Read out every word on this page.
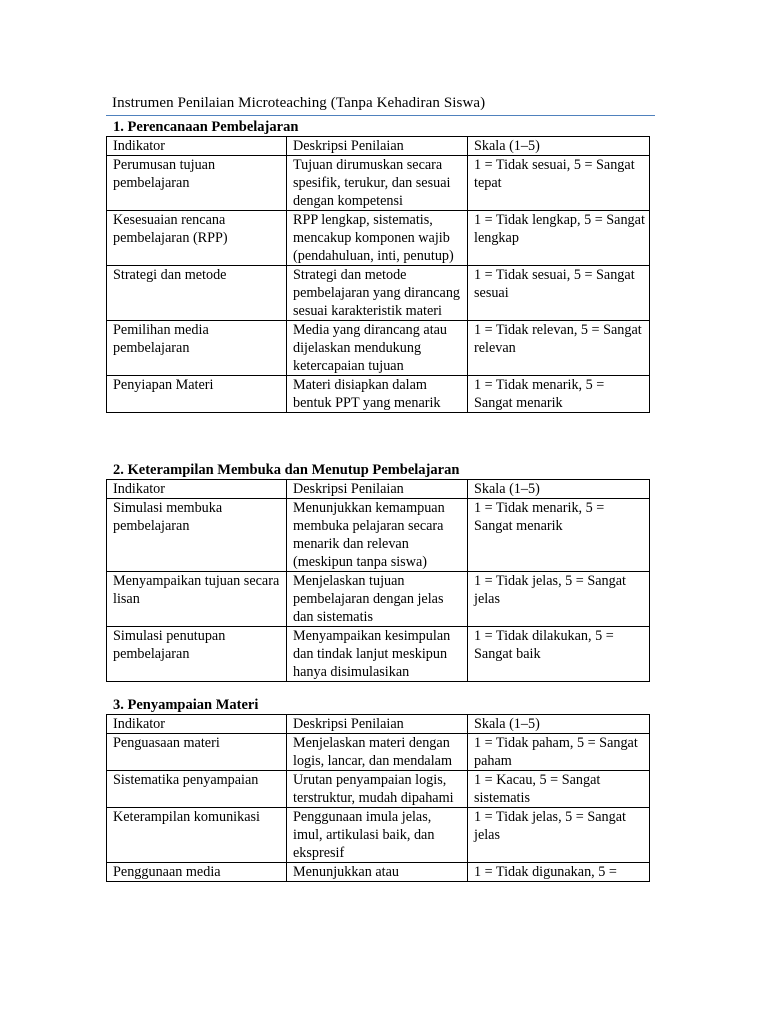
Instrumen Penilaian Microteaching (Tanpa Kehadiran Siswa)

1. Perencanaan Pembelajaran

Indikator	Deskripsi Penilaian	Skala (1–5)
Perumusan tujuan pembelajaran	Tujuan dirumuskan secara spesifik, terukur, dan sesuai dengan kompetensi	1 = Tidak sesuai, 5 = Sangat tepat
Kesesuaian rencana pembelajaran (RPP)	RPP lengkap, sistematis, mencakup komponen wajib (pendahuluan, inti, penutup)	1 = Tidak lengkap, 5 = Sangat lengkap
Strategi dan metode	Strategi dan metode pembelajaran yang dirancang sesuai karakteristik materi	1 = Tidak sesuai, 5 = Sangat sesuai
Pemilihan media pembelajaran	Media yang dirancang atau dijelaskan mendukung ketercapaian tujuan	1 = Tidak relevan, 5 = Sangat relevan
Penyiapan Materi	Materi disiapkan dalam bentuk PPT yang menarik	1 = Tidak menarik, 5 = Sangat menarik

2. Keterampilan Membuka dan Menutup Pembelajaran

Indikator	Deskripsi Penilaian	Skala (1–5)
Simulasi membuka pembelajaran	Menunjukkan kemampuan membuka pelajaran secara menarik dan relevan (meskipun tanpa siswa)	1 = Tidak menarik, 5 = Sangat menarik
Menyampaikan tujuan secara lisan	Menjelaskan tujuan pembelajaran dengan jelas dan sistematis	1 = Tidak jelas, 5 = Sangat jelas
Simulasi penutupan pembelajaran	Menyampaikan kesimpulan dan tindak lanjut meskipun hanya disimulasikan	1 = Tidak dilakukan, 5 = Sangat baik

3. Penyampaian Materi

Indikator	Deskripsi Penilaian	Skala (1–5)
Penguasaan materi	Menjelaskan materi dengan logis, lancar, dan mendalam	1 = Tidak paham, 5 = Sangat paham
Sistematika penyampaian	Urutan penyampaian logis, terstruktur, mudah dipahami	1 = Kacau, 5 = Sangat sistematis
Keterampilan komunikasi	Penggunaan imula jelas, imul, artikulasi baik, dan ekspresif	1 = Tidak jelas, 5 = Sangat jelas
Penggunaan media	Menunjukkan atau	1 = Tidak digunakan, 5 =
